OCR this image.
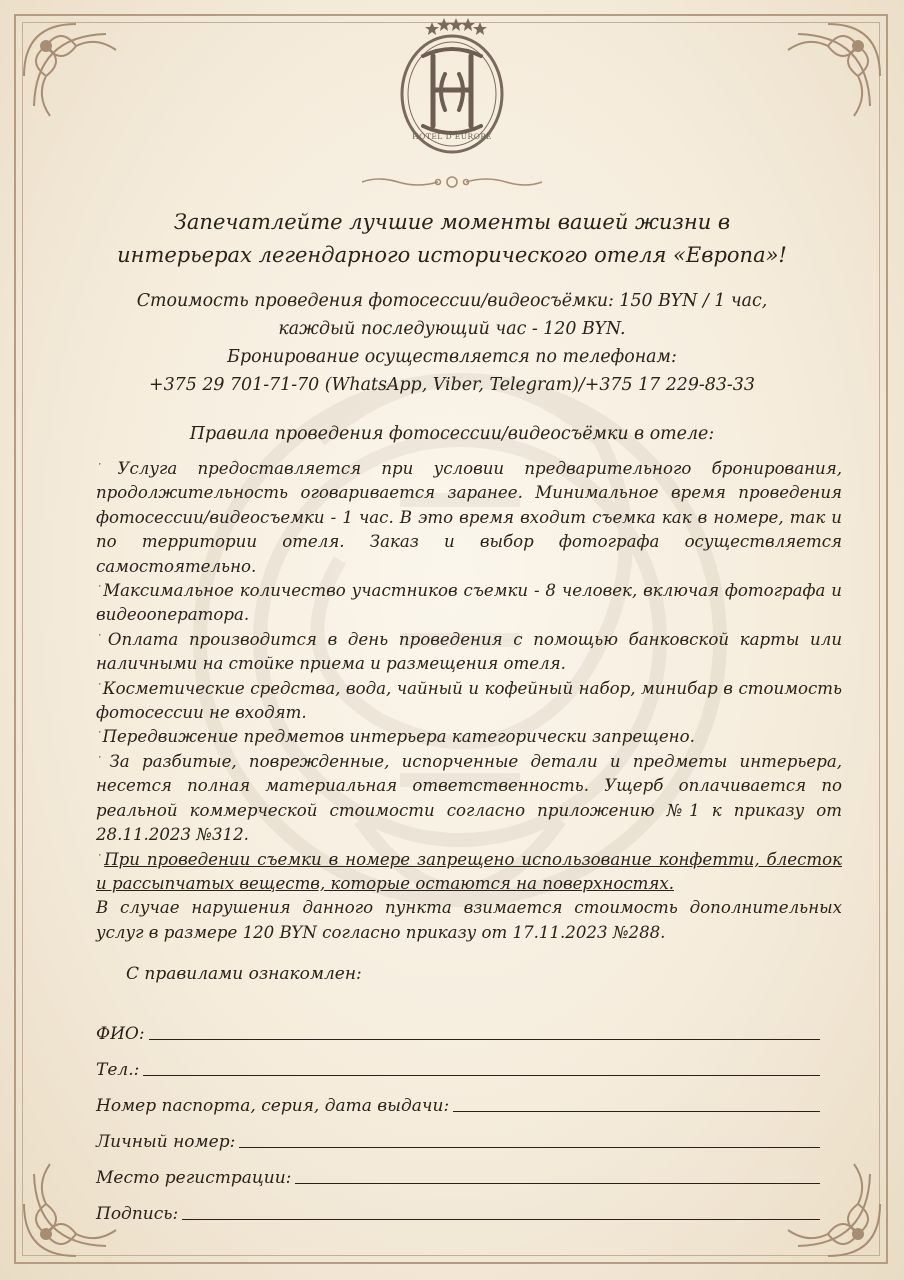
HOTEL D'EUROPE
Запечатлейте лучшие моменты вашей жизни в
интерьерах легендарного исторического отеля «Европа»!
Стоимость проведения фотосессии/видеосъёмки: 150 BYN / 1 час,
каждый последующий час - 120 BYN.
Бронирование осуществляется по телефонам:
+375 29 701-71-70 (WhatsApp, Viber, Telegram)/+375 17 229-83-33
Правила проведения фотосессии/видеосъёмки в отеле:
˙Услуга предоставляется при условии предварительного бронирования, продолжительность оговаривается заранее. Минимальное время проведения фотосессии/видеосъемки - 1 час. В это время входит съемка как в номере, так и по территории отеля. Заказ и выбор фотографа осуществляется самостоятельно.
˙Максимальное количество участников съемки - 8 человек, включая фотографа и видеооператора.
˙Оплата производится в день проведения с помощью банковской карты или наличными на стойке приема и размещения отеля.
˙Косметические средства, вода, чайный и кофейный набор, минибар в стоимость фотосессии не входят.
˙Передвижение предметов интерьера категорически запрещено.
˙За разбитые, поврежденные, испорченные детали и предметы интерьера, несется полная материальная ответственность. Ущерб оплачивается по реальной коммерческой стоимости согласно приложению №1 к приказу от 28.11.2023 №312.
˙При проведении съемки в номере запрещено использование конфетти, блесток и рассыпчатых веществ, которые остаются на поверхностях.
В случае нарушения данного пункта взимается стоимость дополнительных услуг в размере 120 BYN согласно приказу от 17.11.2023 №288.
С правилами ознакомлен:
ФИО:
Тел.:
Номер паспорта, серия, дата выдачи:
Личный номер:
Место регистрации:
Подпись:
